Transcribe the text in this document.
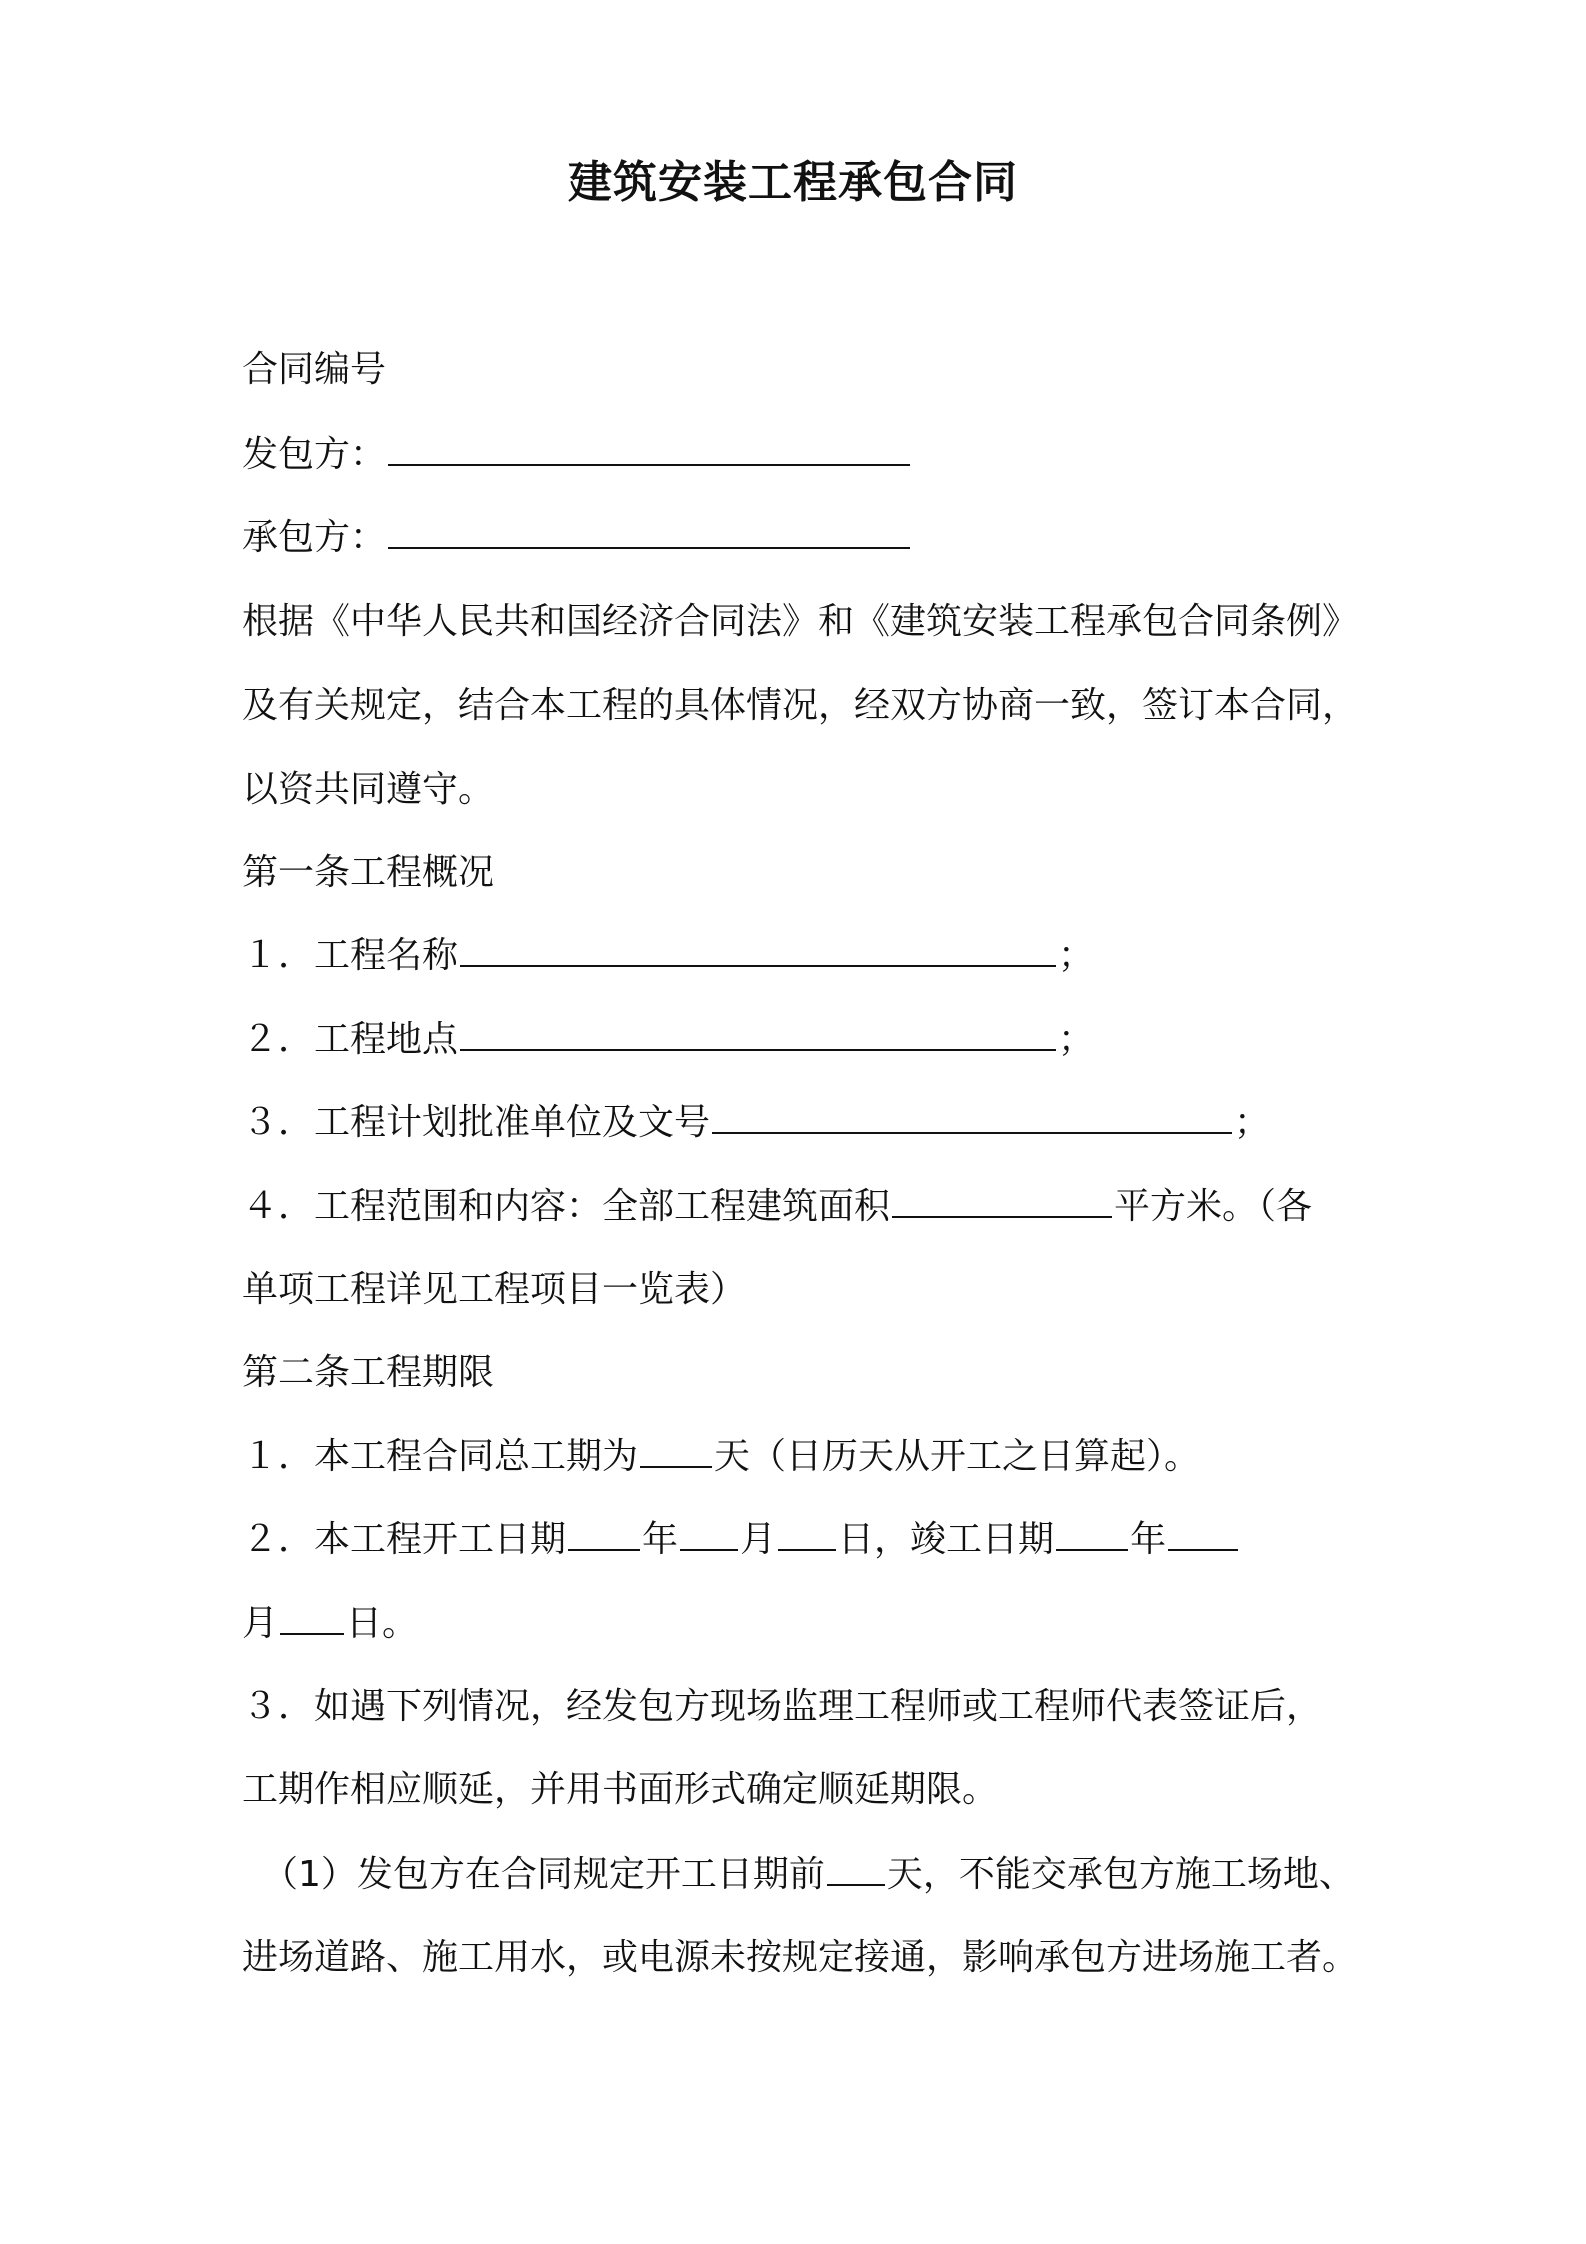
建筑安装工程承包合同
合同编号
发包方：
承包方：
根据《中华人民共和国经济合同法》和《建筑安装工程承包合同条例》
及有关规定，结合本工程的具体情况，经双方协商一致，签订本合同，
以资共同遵守。
第一条工程概况
１．工程名称	；
２．工程地点	；
３．工程计划批准单位及文号	；
４．工程范围和内容：全部工程建筑面积	平方米。（各
单项工程详见工程项目一览表）
第二条工程期限
１．本工程合同总工期为 天（日历天从开工之日算起）。
２．本工程开工日期 年 月 日，竣工日期 年
月 日。
３．如遇下列情况，经发包方现场监理工程师或工程师代表签证后，
工期作相应顺延，并用书面形式确定顺延期限。
（1）发包方在合同规定开工日期前 天，不能交承包方施工场地、
进场道路、施工用水，或电源未按规定接通，影响承包方进场施工者。
